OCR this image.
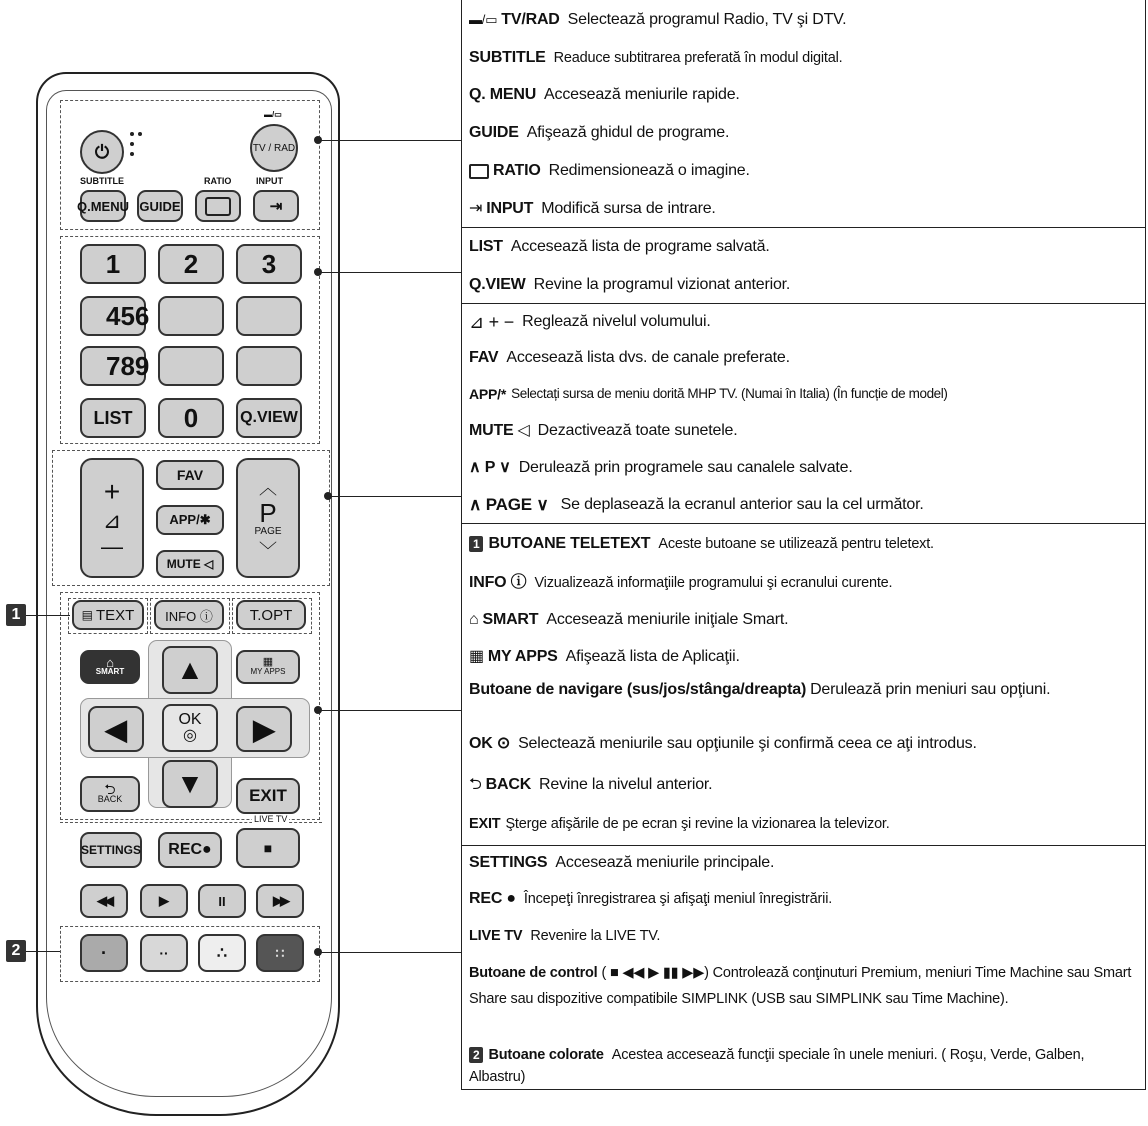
⏻
▬/▭
TV / RAD
SUBTITLE	RATIO	INPUT
Q.MENU GUIDE	⇥
1	2	3
456
789
LIST	0	Q.VIEW
+
⊿
—
FAV
APP/✱
MUTE ◁
︿
P
PAGE
﹀
▤ TEXT	INFO ⓘ	T.OPT
⌂
SMART
▦
MY APPS
▲
◀	OK
◎	▶
▼
⮌
BACK	EXIT
LIVE TV
SETTINGS	REC●	■
◀◀	▶	II	▶▶
·	··	∴	∷
1
2
▬/▭ TV/RAD Selectează programul Radio, TV şi DTV.
SUBTITLE Readuce subtitrarea preferată în modul digital.
Q. MENU Accesează meniurile rapide.
GUIDE Afişează ghidul de programe.
RATIO Redimensionează o imagine.
⇥ INPUT Modifică sursa de intrare.
LIST Accesează lista de programe salvată.
Q.VIEW Revine la programul vizionat anterior.
⊿ + − Reglează nivelul volumului.
FAV Accesează lista dvs. de canale preferate.
APP/* Selectați sursa de meniu dorită MHP TV. (Numai în Italia) (În funcție de model)
MUTE ◁ Dezactivează toate sunetele.
∧ P ∨ Derulează prin programele sau canalele salvate.
∧ PAGE ∨ Se deplasează la ecranul anterior sau la cel următor.
1 BUTOANE TELETEXT Aceste butoane se utilizează pentru teletext.
INFO ⓘ Vizualizează informaţiile programului şi ecranului curente.
⌂ SMART Accesează meniurile iniţiale Smart.
▦ MY APPS Afişează lista de Aplicaţii.
Butoane de navigare (sus/jos/stânga/dreapta) Derulează prin meniuri sau opţiuni.
OK ⊙ Selectează meniurile sau opţiunile şi confirmă ceea ce aţi introdus.
⮌ BACK Revine la nivelul anterior.
EXIT Şterge afişările de pe ecran şi revine la vizionarea la televizor.
SETTINGS Accesează meniurile principale.
REC ● Începeţi înregistrarea şi afişaţi meniul înregistrării.
LIVE TV Revenire la LIVE TV.
Butoane de control ( ■ ◀◀ ▶ ▮▮ ▶▶) Controlează conţinuturi Premium, meniuri Time Machine sau Smart Share sau dispozitive compatibile SIMPLINK (USB sau SIMPLINK sau Time Machine).
2 Butoane colorate Acestea accesează funcţii speciale în unele meniuri. ( Roşu, Verde, Galben, Albastru)
